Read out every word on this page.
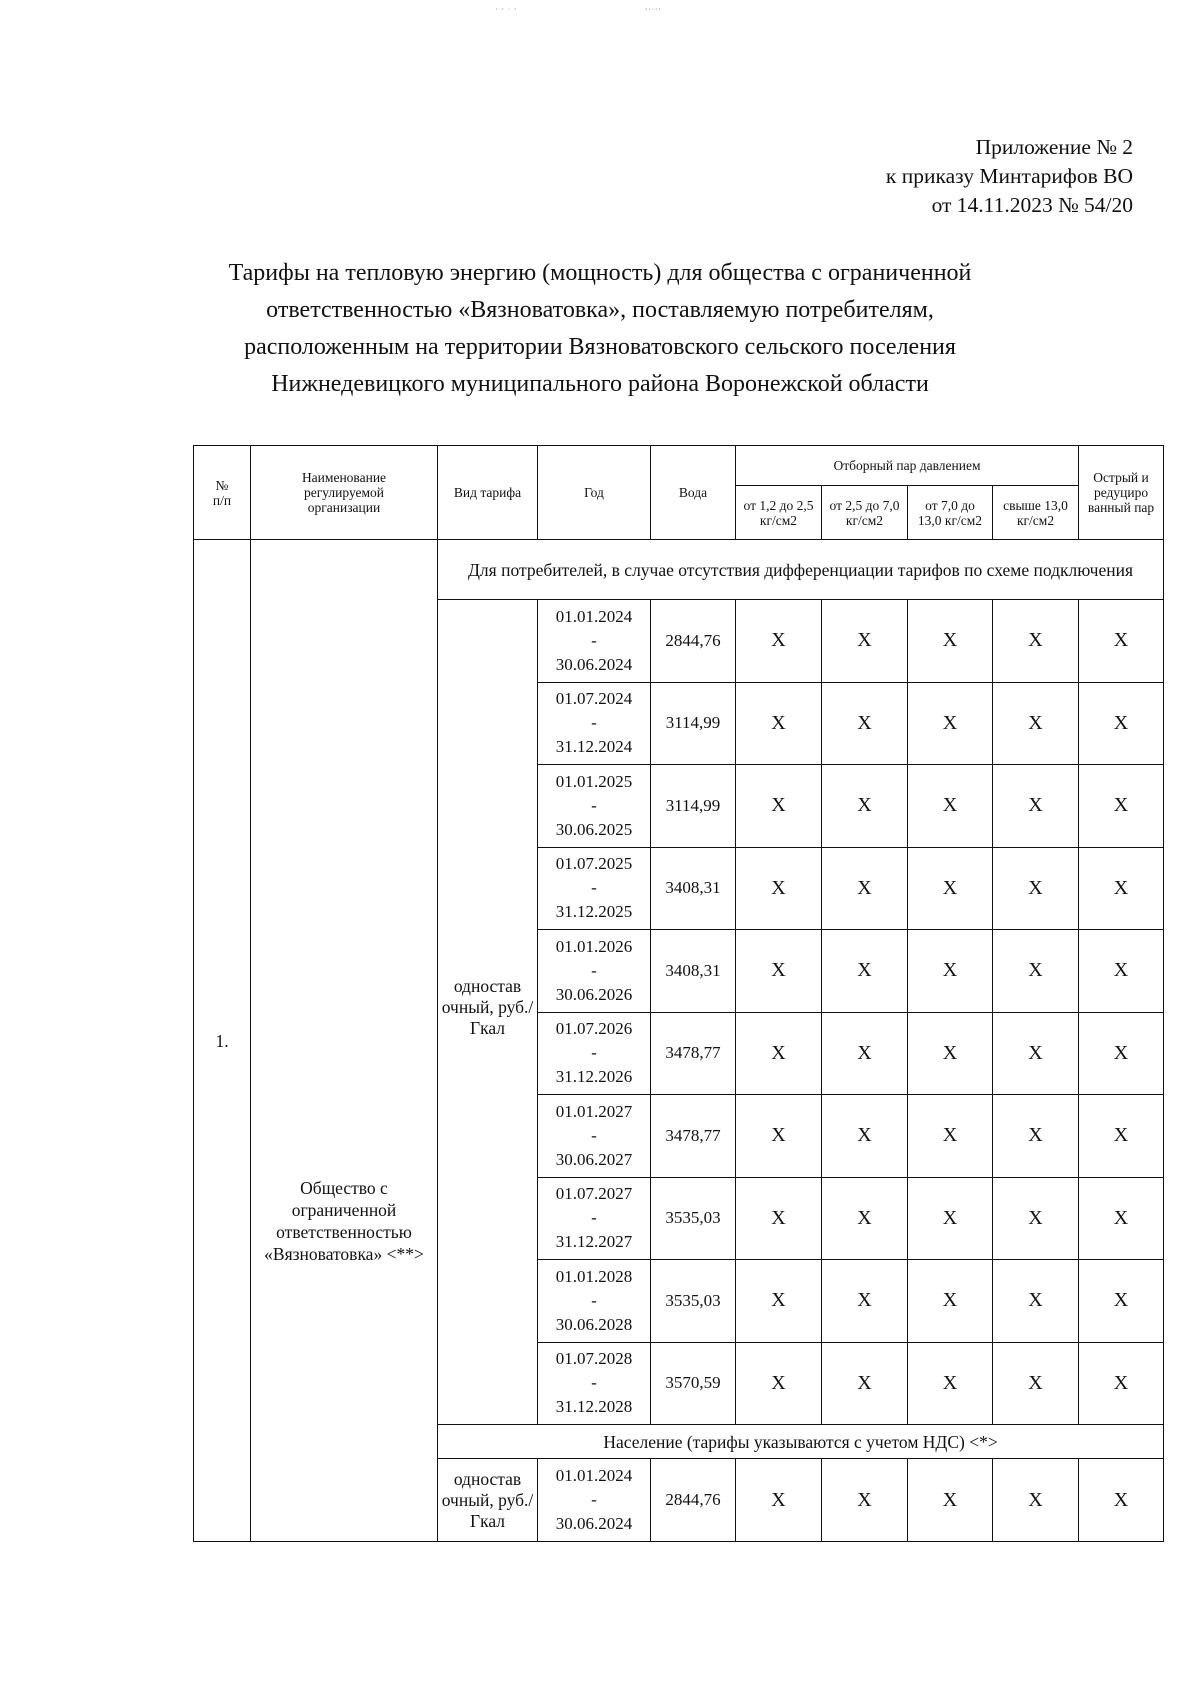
· ⸱ ᐧ ·	⸱·ᐧ·⸱
Приложение № 2
к приказу Минтарифов ВО
от 14.11.2023 № 54/20
Тарифы на тепловую энергию (мощность) для общества с ограниченной
ответственностью «Вязноватовка», поставляемую потребителям,
расположенным на территории Вязноватовского сельского поселения
Нижнедевицкого муниципального района Воронежской области
№
п/п	Наименование регулируемой организации	Вид тарифа	Год	Вода	Отборный пар давлением				Острый и редуциро ванный пар
					от 1,2 до 2,5 кг/см2	от 2,5 до 7,0 кг/см2	от 7,0 до 13,0 кг/см2	свыше 13,0 кг/см2	
1.	Общество с ограниченной ответственностью «Вязноватовка» <**>	Для потребителей, в случае отсутствия дифференциации тарифов по схеме подключения							

		одностав очный, руб./Гкал	01.01.2024
-
30.06.2024	2844,76	X	X	X	X	X

			01.07.2024
-
31.12.2024	3114,99	X	X	X	X	X

			01.01.2025
-
30.06.2025	3114,99	X	X	X	X	X

			01.07.2025
-
31.12.2025	3408,31	X	X	X	X	X

			01.01.2026
-
30.06.2026	3408,31	X	X	X	X	X

			01.07.2026
-
31.12.2026	3478,77	X	X	X	X	X

			01.01.2027
-
30.06.2027	3478,77	X	X	X	X	X

			01.07.2027
-
31.12.2027	3535,03	X	X	X	X	X

			01.01.2028
-
30.06.2028	3535,03	X	X	X	X	X

			01.07.2028
-
31.12.2028	3570,59	X	X	X	X	X
		Население (тарифы указываются с учетом НДС) <*>							
		одностав очный, руб./Гкал	01.01.2024
-
30.06.2024	2844,76	X	X	X	X	X
